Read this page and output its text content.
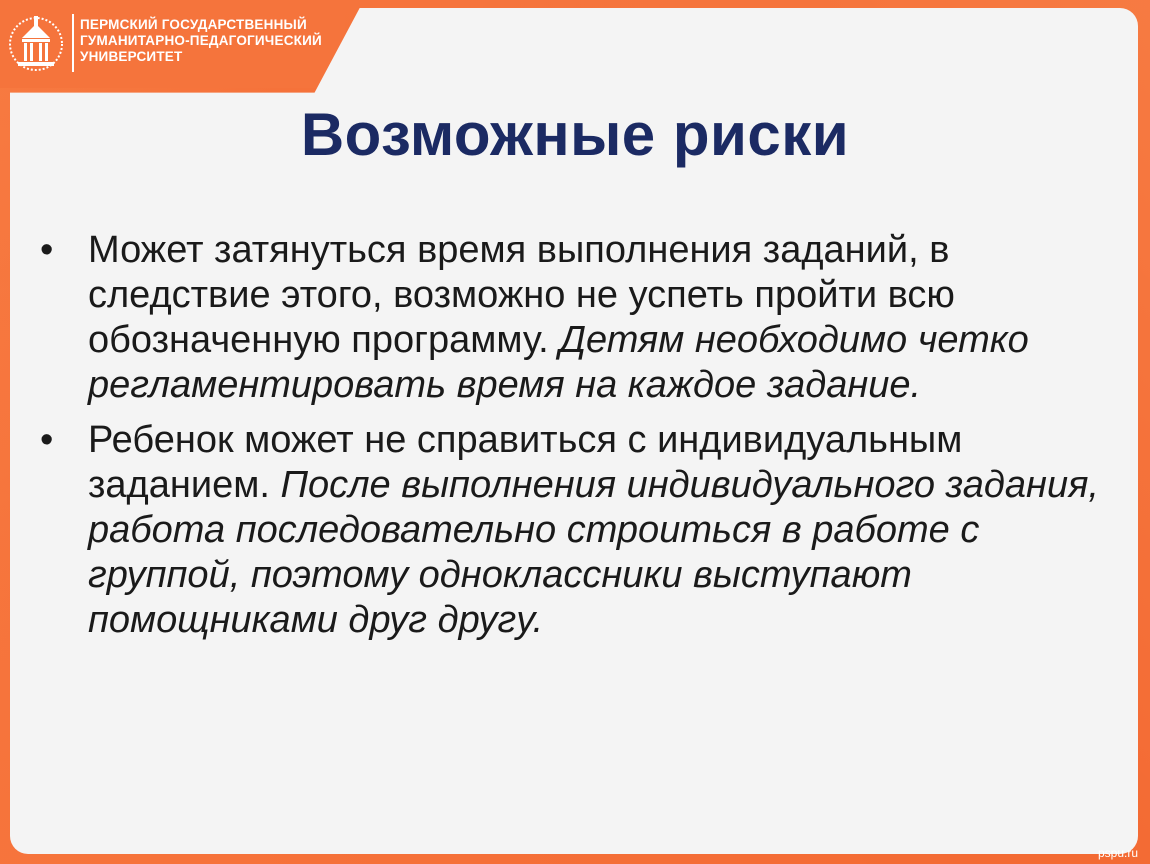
ПЕРМСКИЙ ГОСУДАРСТВЕННЫЙ
ГУМАНИТАРНО-ПЕДАГОГИЧЕСКИЙ
УНИВЕРСИТЕТ
Возможные риски
• Может затянуться время выполнения заданий, в следствие этого, возможно не успеть пройти всю обозначенную программу. Детям необходимо четко регламентировать время на каждое задание.
• Ребенок может не справиться с индивидуальным заданием. После выполнения индивидуального задания, работа последовательно строиться в работе с группой, поэтому одноклассники выступают помощниками друг другу.
pspu.ru
